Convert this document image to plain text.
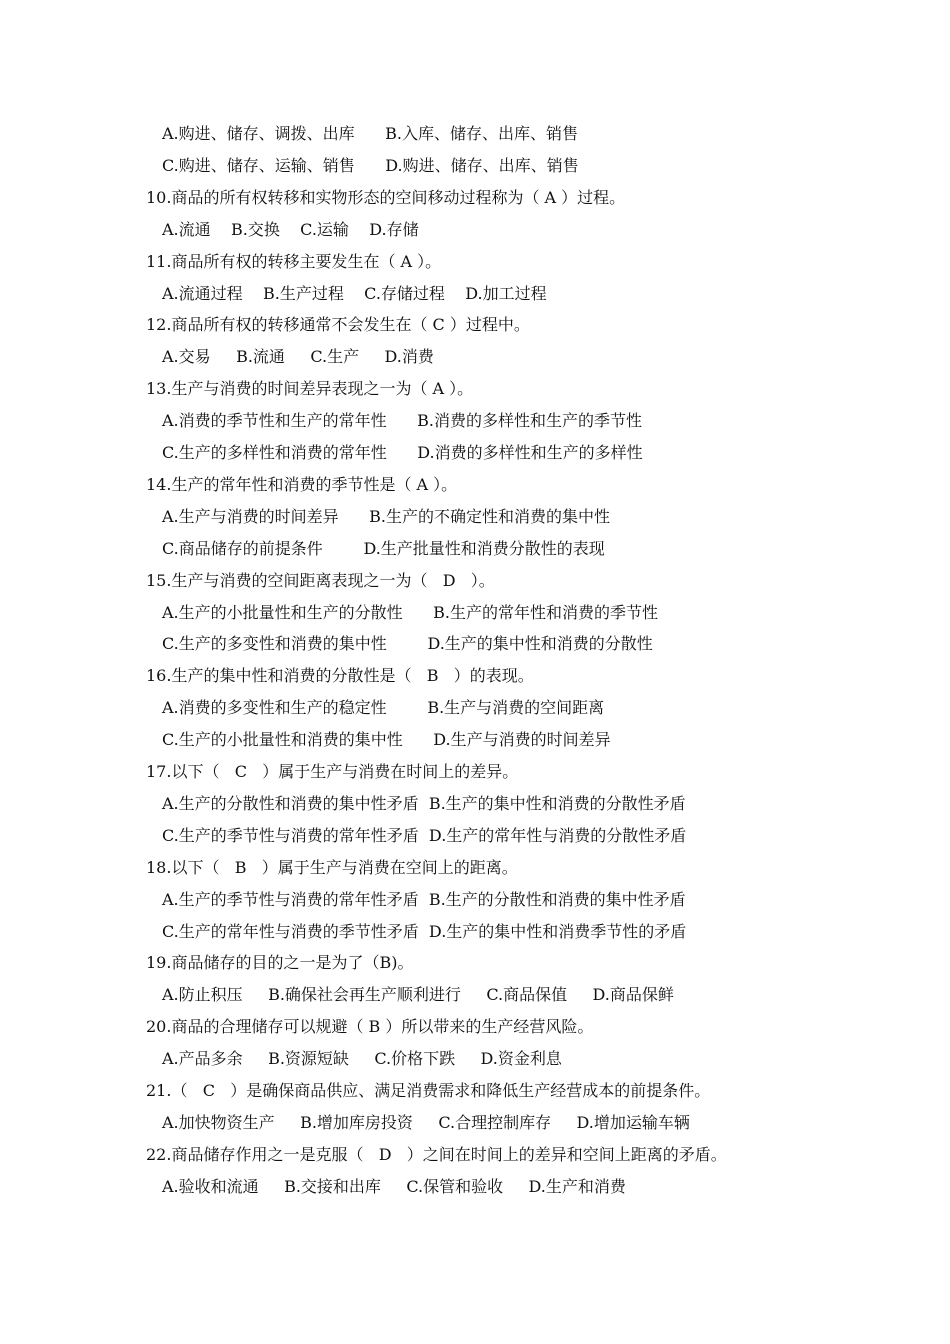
A.购进、储存、调拨、出库      B.入库、储存、出库、销售
C.购进、储存、运输、销售      D.购进、储存、出库、销售
10.商品的所有权转移和实物形态的空间移动过程称为（ A ）过程。
A.流通    B.交换    C.运输    D.存储
11.商品所有权的转移主要发生在（ A ）。
A.流通过程    B.生产过程    C.存储过程    D.加工过程
12.商品所有权的转移通常不会发生在（ C ）过程中。
A.交易     B.流通     C.生产     D.消费
13.生产与消费的时间差异表现之一为（ A ）。
A.消费的季节性和生产的常年性      B.消费的多样性和生产的季节性
C.生产的多样性和消费的常年性      D.消费的多样性和生产的多样性
14.生产的常年性和消费的季节性是（ A ）。
A.生产与消费的时间差异      B.生产的不确定性和消费的集中性
C.商品储存的前提条件        D.生产批量性和消费分散性的表现
15.生产与消费的空间距离表现之一为（   D   ）。
A.生产的小批量性和生产的分散性      B.生产的常年性和消费的季节性
C.生产的多变性和消费的集中性        D.生产的集中性和消费的分散性
16.生产的集中性和消费的分散性是（   B   ）的表现。
A.消费的多变性和生产的稳定性        B.生产与消费的空间距离
C.生产的小批量性和消费的集中性      D.生产与消费的时间差异
17.以下（   C   ）属于生产与消费在时间上的差异。
A.生产的分散性和消费的集中性矛盾  B.生产的集中性和消费的分散性矛盾
C.生产的季节性与消费的常年性矛盾  D.生产的常年性与消费的分散性矛盾
18.以下（   B   ）属于生产与消费在空间上的距离。
A.生产的季节性与消费的常年性矛盾  B.生产的分散性和消费的集中性矛盾
C.生产的常年性与消费的季节性矛盾  D.生产的集中性和消费季节性的矛盾
19.商品储存的目的之一是为了（B)。
A.防止积压     B.确保社会再生产顺利进行     C.商品保值     D.商品保鲜
20.商品的合理储存可以规避（ B ）所以带来的生产经营风险。
A.产品多余     B.资源短缺     C.价格下跌     D.资金利息
21.（   C   ）是确保商品供应、满足消费需求和降低生产经营成本的前提条件。
A.加快物资生产     B.增加库房投资     C.合理控制库存     D.增加运输车辆
22.商品储存作用之一是克服（   D   ）之间在时间上的差异和空间上距离的矛盾。
A.验收和流通     B.交接和出库     C.保管和验收     D.生产和消费
